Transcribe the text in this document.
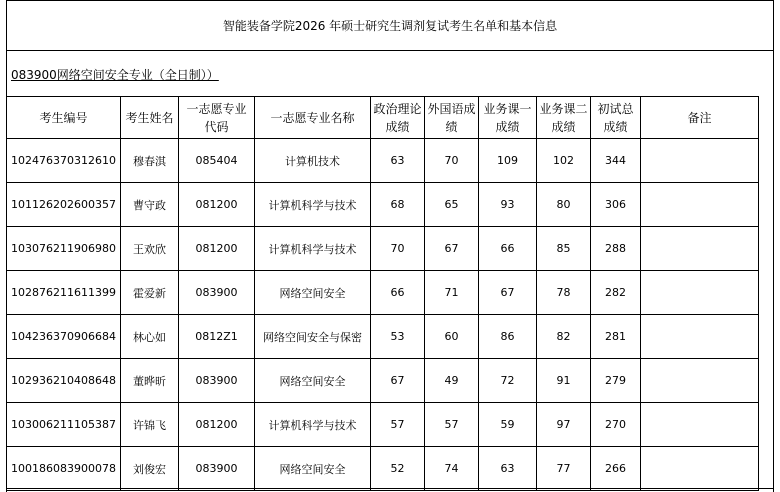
智能装备学院2026 年硕士研究生调剂复试考生名单和基本信息
083900网络空间安全专业（全日制））
考生编号	考生姓名	一志愿专业代码	一志愿专业名称	政治理论成绩	外国语成绩	业务课一成绩	业务课二成绩	初试总成绩	备注
102476370312610	穆春淇	085404	计算机技术	63	70	109	102	344	
101126202600357	曹守政	081200	计算机科学与技术	68	65	93	80	306	
103076211906980	王欢欣	081200	计算机科学与技术	70	67	66	85	288	
102876211611399	霍爱新	083900	网络空间安全	66	71	67	78	282	
104236370906684	林心如	0812Z1	网络空间安全与保密	53	60	86	82	281	
102936210408648	董晔昕	083900	网络空间安全	67	49	72	91	279	
103006211105387	许锦飞	081200	计算机科学与技术	57	57	59	97	270	
100186083900078	刘俊宏	083900	网络空间安全	52	74	63	77	266	
